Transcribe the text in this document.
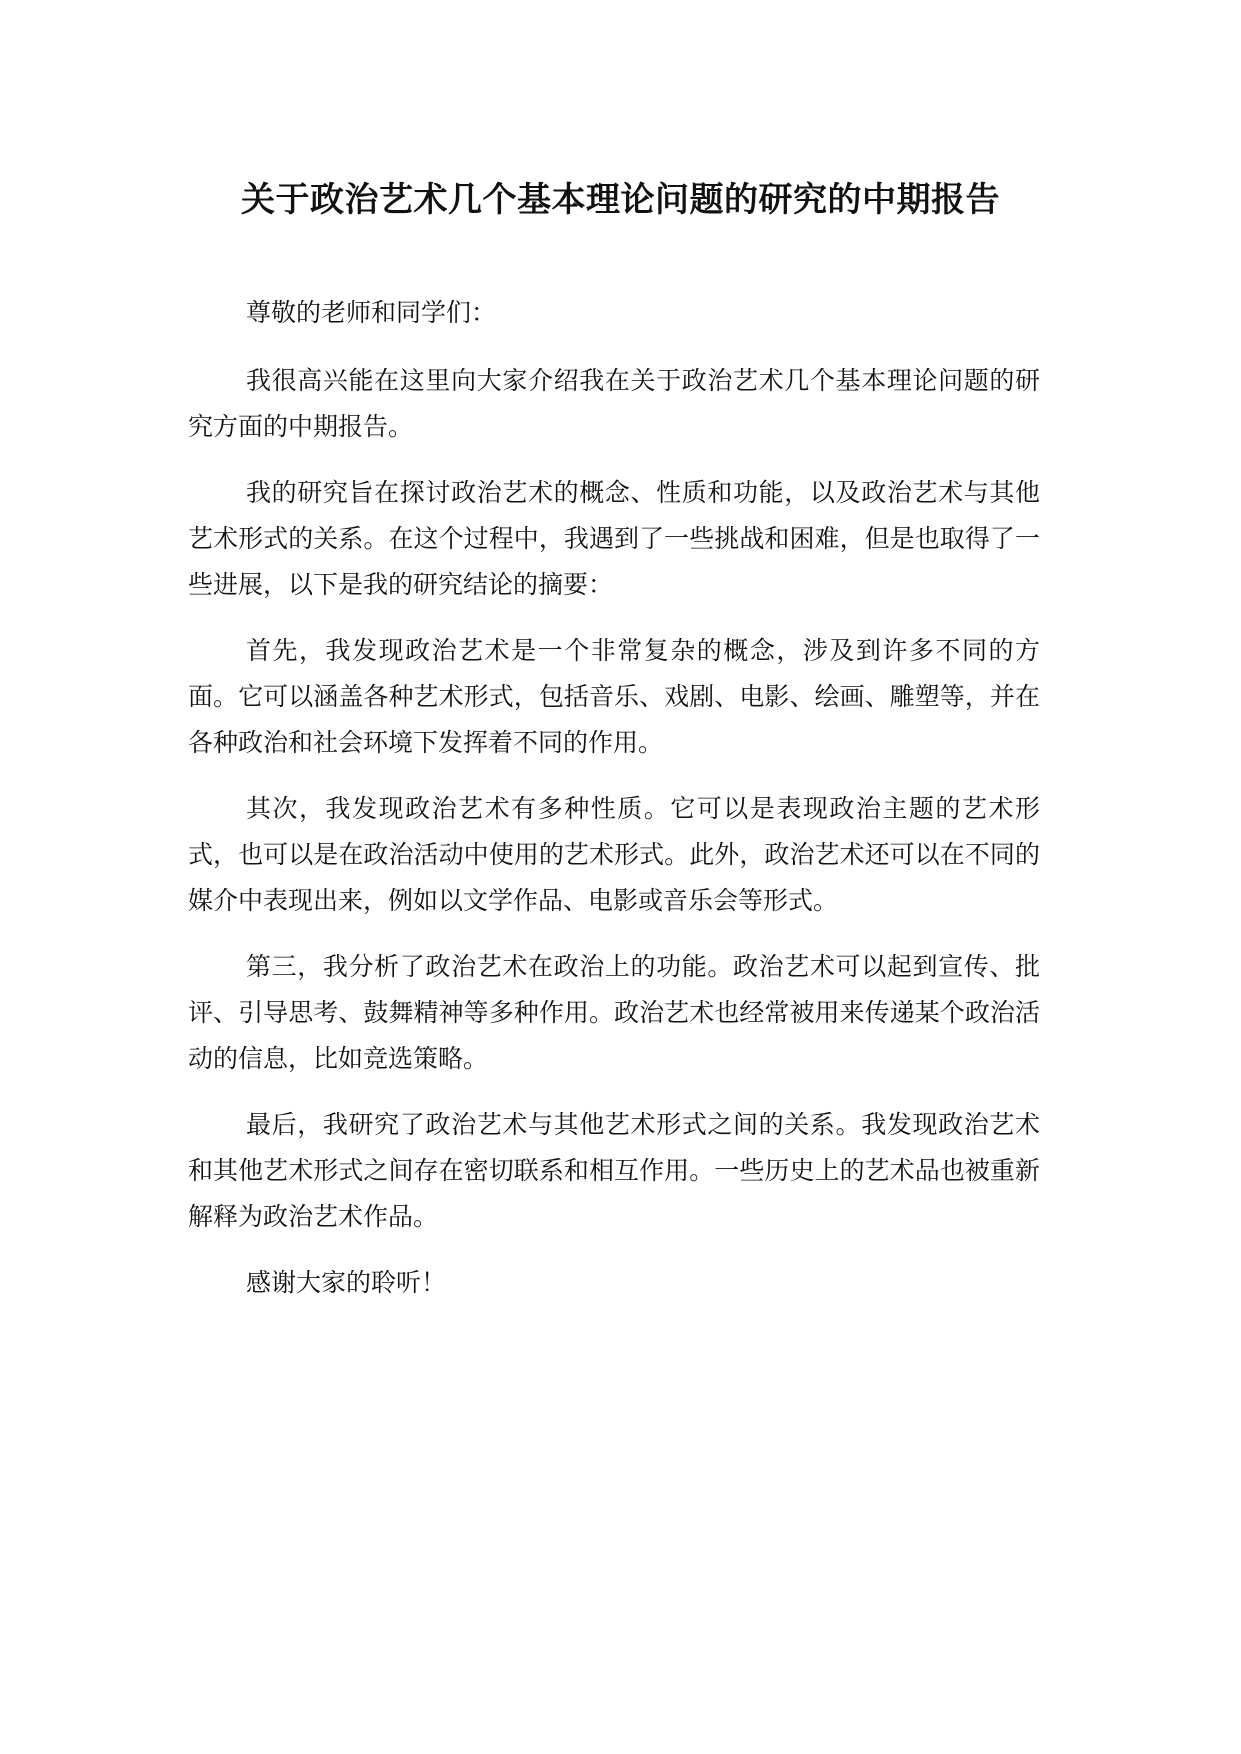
关于政治艺术几个基本理论问题的研究的中期报告

尊敬的老师和同学们：

我很高兴能在这里向大家介绍我在关于政治艺术几个基本理论问题的研究方面的中期报告。

我的研究旨在探讨政治艺术的概念、性质和功能，以及政治艺术与其他艺术形式的关系。在这个过程中，我遇到了一些挑战和困难，但是也取得了一些进展，以下是我的研究结论的摘要：

首先，我发现政治艺术是一个非常复杂的概念，涉及到许多不同的方面。它可以涵盖各种艺术形式，包括音乐、戏剧、电影、绘画、雕塑等，并在各种政治和社会环境下发挥着不同的作用。

其次，我发现政治艺术有多种性质。它可以是表现政治主题的艺术形式，也可以是在政治活动中使用的艺术形式。此外，政治艺术还可以在不同的媒介中表现出来，例如以文学作品、电影或音乐会等形式。

第三，我分析了政治艺术在政治上的功能。政治艺术可以起到宣传、批评、引导思考、鼓舞精神等多种作用。政治艺术也经常被用来传递某个政治活动的信息，比如竞选策略。

最后，我研究了政治艺术与其他艺术形式之间的关系。我发现政治艺术和其他艺术形式之间存在密切联系和相互作用。一些历史上的艺术品也被重新解释为政治艺术作品。

感谢大家的聆听！
